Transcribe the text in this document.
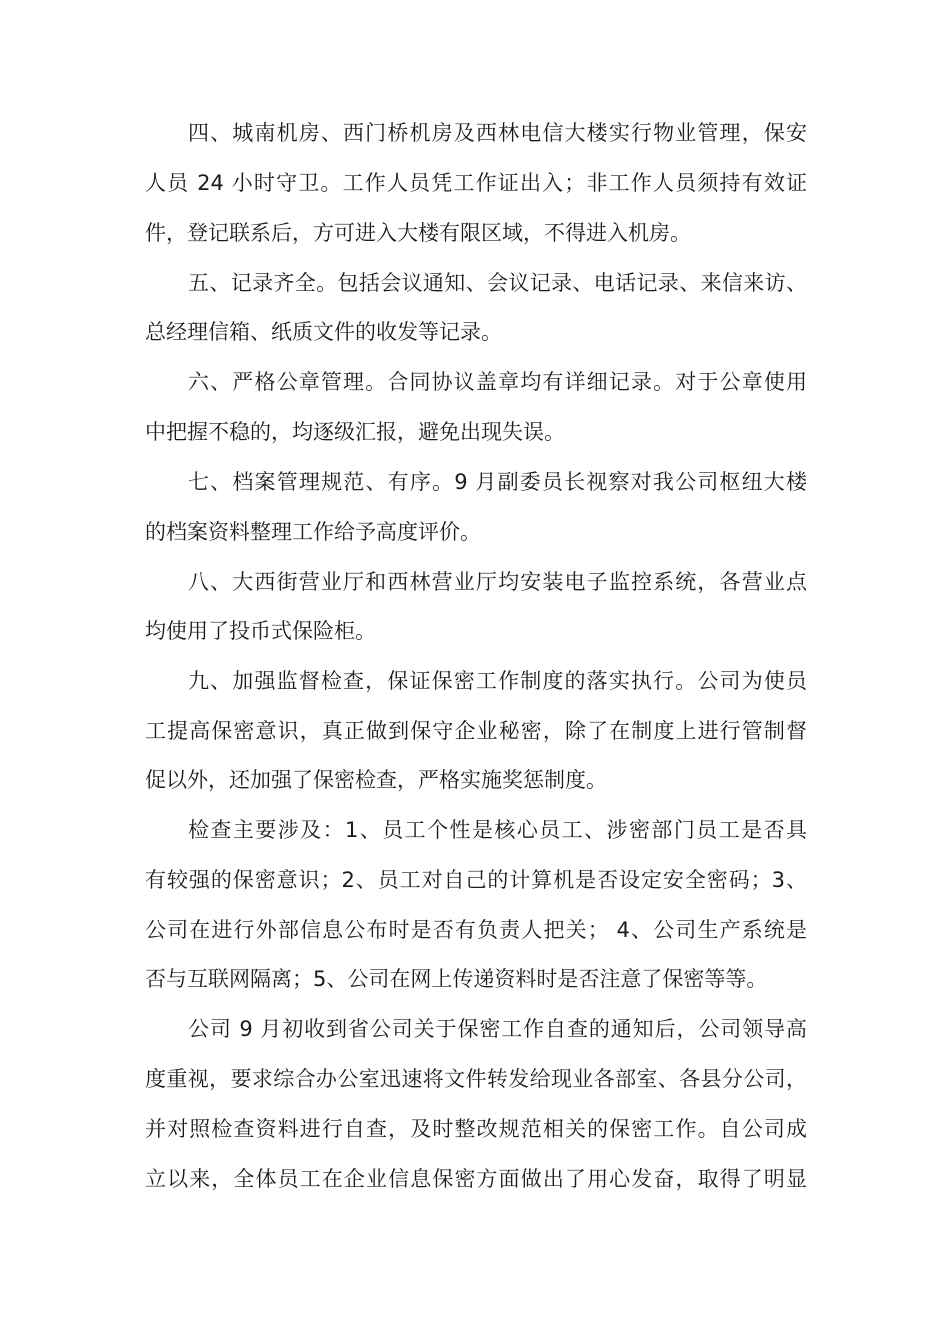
四、城南机房、西门桥机房及西林电信大楼实行物业管理，保安
人员 24 小时守卫。工作人员凭工作证出入；非工作人员须持有效证
件，登记联系后，方可进入大楼有限区域，不得进入机房。
五、记录齐全。包括会议通知、会议记录、电话记录、来信来访、
总经理信箱、纸质文件的收发等记录。
六、严格公章管理。合同协议盖章均有详细记录。对于公章使用
中把握不稳的，均逐级汇报，避免出现失误。
七、档案管理规范、有序。9 月副委员长视察对我公司枢纽大楼
的档案资料整理工作给予高度评价。
八、大西街营业厅和西林营业厅均安装电子监控系统，各营业点
均使用了投币式保险柜。
九、加强监督检查，保证保密工作制度的落实执行。公司为使员
工提高保密意识，真正做到保守企业秘密，除了在制度上进行管制督
促以外，还加强了保密检查，严格实施奖惩制度。
检查主要涉及：1、员工个性是核心员工、涉密部门员工是否具
有较强的保密意识；2、员工对自己的计算机是否设定安全密码；3、
公司在进行外部信息公布时是否有负责人把关； 4、公司生产系统是
否与互联网隔离；5、公司在网上传递资料时是否注意了保密等等。
公司 9 月初收到省公司关于保密工作自查的通知后，公司领导高
度重视，要求综合办公室迅速将文件转发给现业各部室、各县分公司，
并对照检查资料进行自查，及时整改规范相关的保密工作。自公司成
立以来，全体员工在企业信息保密方面做出了用心发奋，取得了明显
